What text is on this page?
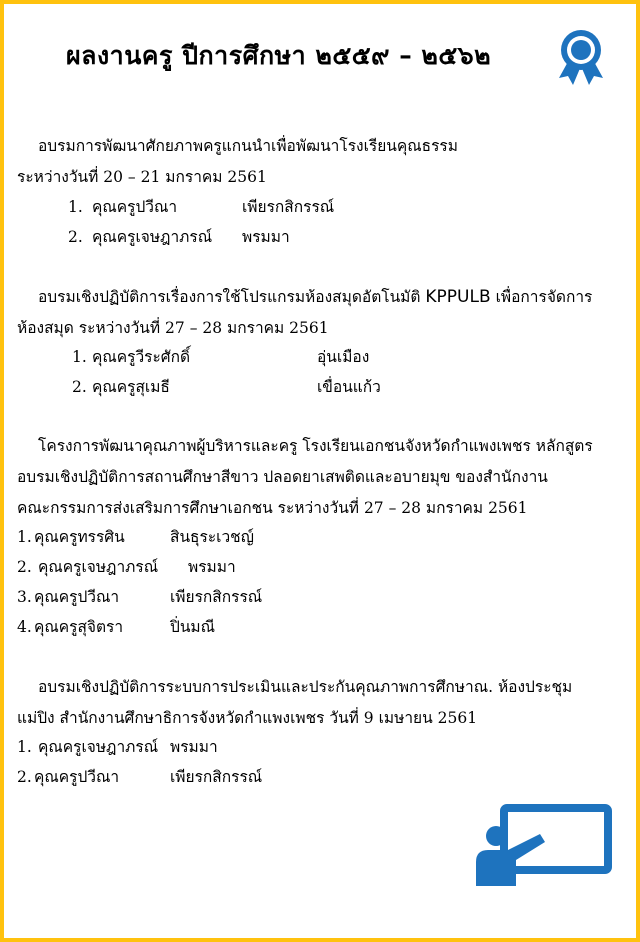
ผลงานครู ปีการศึกษา ๒๕๕๙ – ๒๕๖๒
อบรมการพัฒนาศักยภาพครูแกนนำเพื่อพัฒนาโรงเรียนคุณธรรม
ระหว่างวันที่ 20 – 21 มกราคม 2561
1. คุณครูปวีณา	เพียรกสิกรรณ์
2. คุณครูเจษฎาภรณ์ พรมมา
อบรมเชิงปฏิบัติการเรื่องการใช้โปรแกรมห้องสมุดอัตโนมัติ KPPULB เพื่อการจัดการ
ห้องสมุด ระหว่างวันที่ 27 – 28 มกราคม 2561
1. คุณครูวีระศักดิ์	อุ่นเมือง
2. คุณครูสุเมธี	เขื่อนแก้ว
โครงการพัฒนาคุณภาพผู้บริหารและครู โรงเรียนเอกชนจังหวัดกำแพงเพชร หลักสูตร
อบรมเชิงปฏิบัติการสถานศึกษาสีขาว ปลอดยาเสพติดและอบายมุข ของสำนักงาน
คณะกรรมการส่งเสริมการศึกษาเอกชน ระหว่างวันที่ 27 – 28 มกราคม 2561
1. คุณครูทรรศิน	สินธุระเวชญ์
2. คุณครูเจษฎาภรณ์ พรมมา
3. คุณครูปวีณา	เพียรกสิกรรณ์
4. คุณครูสุจิตรา	ปิ่นมณี
อบรมเชิงปฏิบัติการระบบการประเมินและประกันคุณภาพการศึกษาณ. ห้องประชุม
แม่ปิง สำนักงานศึกษาธิการจังหวัดกำแพงเพชร วันที่ 9 เมษายน 2561
1. คุณครูเจษฎาภรณ์ พรมมา
2. คุณครูปวีณา	เพียรกสิกรรณ์
